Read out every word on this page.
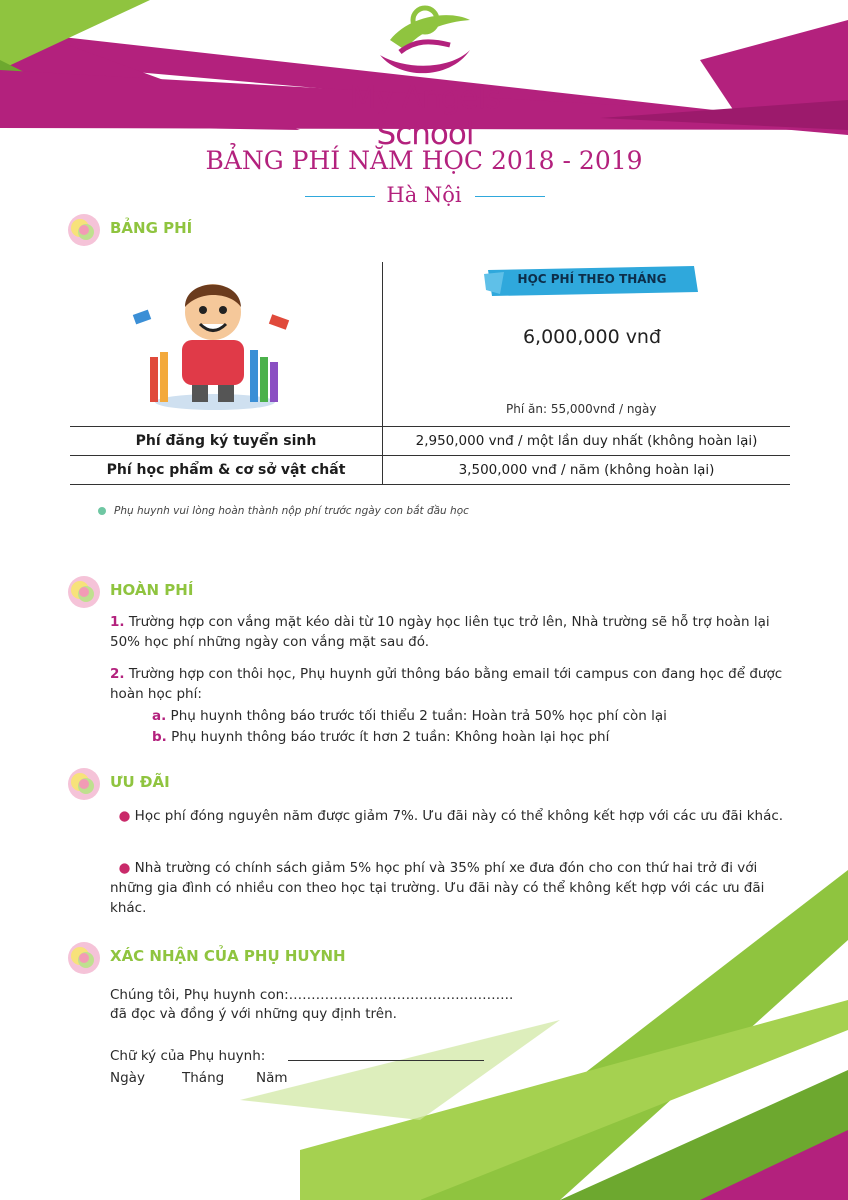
My Angels School
BẢNG PHÍ NĂM HỌC 2018 - 2019
Hà Nội
BẢNG PHÍ
HỌC PHÍ THEO THÁNG
6,000,000 vnđ
Phí ăn: 55,000vnđ / ngày
Phí đăng ký tuyển sinh	2,950,000 vnđ / một lần duy nhất (không hoàn lại)
Phí học phẩm & cơ sở vật chất	3,500,000 vnđ / năm (không hoàn lại)
Phụ huynh vui lòng hoàn thành nộp phí trước ngày con bắt đầu học
HOÀN PHÍ
1. Trường hợp con vắng mặt kéo dài từ 10 ngày học liên tục trở lên, Nhà trường sẽ hỗ trợ hoàn lại 50% học phí những ngày con vắng mặt sau đó.
2. Trường hợp con thôi học, Phụ huynh gửi thông báo bằng email tới campus con đang học để được hoàn học phí:
a. Phụ huynh thông báo trước tối thiểu 2 tuần: Hoàn trả 50% học phí còn lại
b. Phụ huynh thông báo trước ít hơn 2 tuần: Không hoàn lại học phí
ƯU ĐÃI
● Học phí đóng nguyên năm được giảm 7%. Ưu đãi này có thể không kết hợp với các ưu đãi khác.
● Nhà trường có chính sách giảm 5% học phí và 35% phí xe đưa đón cho con thứ hai trở đi với những gia đình có nhiều con theo học tại trường. Ưu đãi này có thể không kết hợp với các ưu đãi khác.
XÁC NHẬN CỦA PHỤ HUYNH
Chúng tôi, Phụ huynh con:…………………………………………..
đã đọc và đồng ý với những quy định trên.
Chữ ký của Phụ huynh:
Ngày	Tháng Năm
